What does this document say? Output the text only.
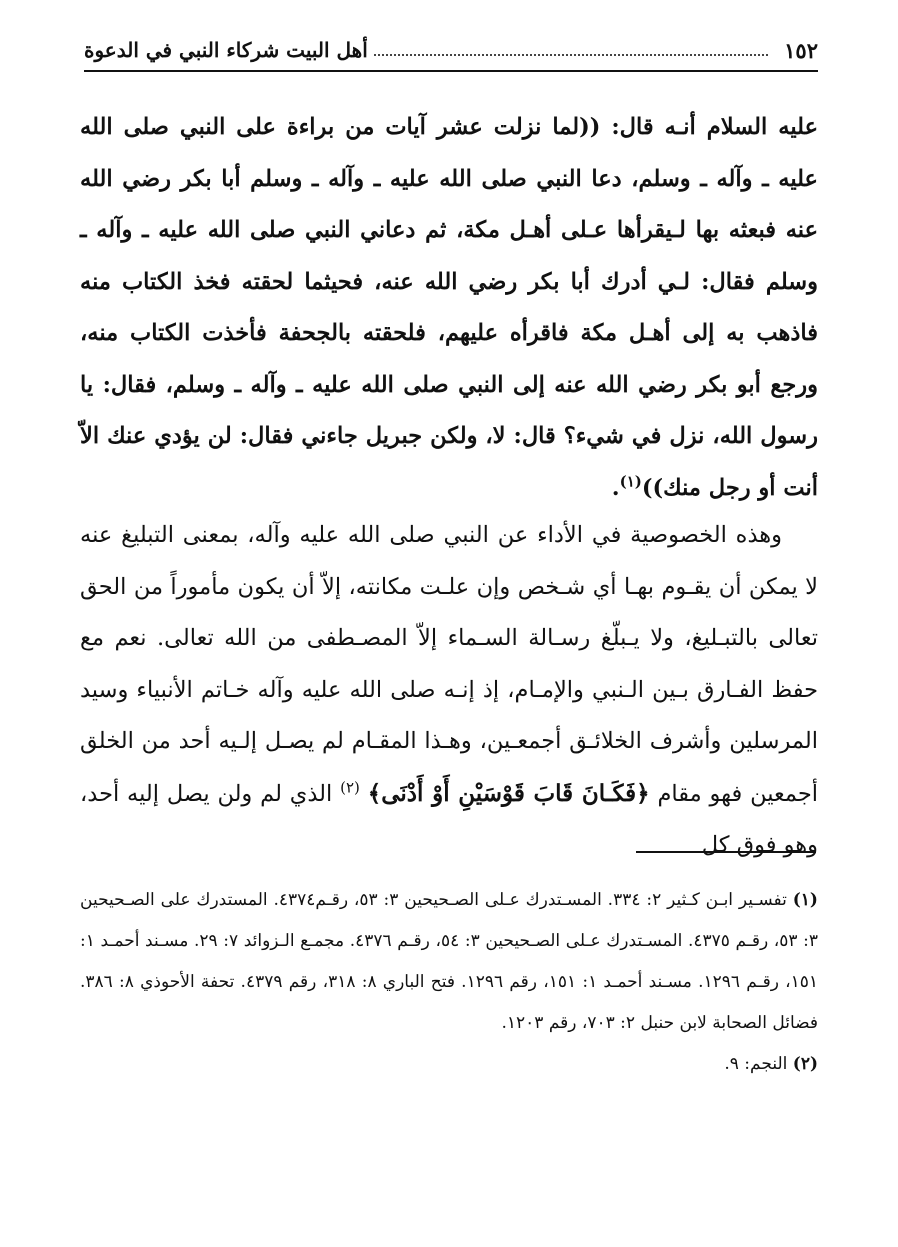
١٥٢
أهل البيت شركاء النبي في الدعوة

عليه السلام أنـه قال: ((لما نزلت عشر آيات من براءة على النبي صلى الله عليه ـ وآله ـ وسلم، دعا النبي صلى الله عليه ـ وآله ـ وسلم أبا بكر رضي الله عنه فبعثه بها لـيقرأها عـلى أهـل مكة، ثم دعاني النبي صلى الله عليه ـ وآله ـ وسلم فقال: لـي أدرك أبا بكر رضي الله عنه، فحيثما لحقته فخذ الكتاب منه فاذهب به إلى أهـل مكة فاقرأه عليهم، فلحقته بالجحفة فأخذت الكتاب منه، ورجع أبو بكر رضي الله عنه إلى النبي صلى الله عليه ـ وآله ـ وسلم، فقال: يا رسول الله، نزل في شيء؟ قال: لا، ولكن جبريل جاءني فقال: لن يؤدي عنك الاّ أنت أو رجل منك))$^{(١)}$.

وهذه الخصوصية في الأداء عن النبي صلى الله عليه وآله، بمعنى التبليغ عنه لا يمكن أن يقـوم بهـا أي شـخص وإن علـت مكانته، إلاّ أن يكون مأموراً من الحق تعالى بالتبـليغ، ولا يـبلّغ رسـالة السـماء إلاّ المصـطفى من الله تعالى. نعم مع حفظ الفـارق بـين الـنبي والإمـام، إذ إنـه صلى الله عليه وآله خـاتم الأنبياء وسيد المرسلين وأشرف الخلائـق أجمعـين، وهـذا المقـام لم يصـل إلـيه أحد من الخلق أجمعين فهو مقام ﴿فَكَـانَ قَابَ قَوْسَيْنِ أَوْ أَدْنَى﴾ $^{(٢)}$ الذي لم ولن يصل إليه أحد، وهو فوق كل

(١) تفسـير ابـن كـثير ٢: ٣٣٤. المسـتدرك عـلى الصـحيحين ٣: ٥٣، رقـم٤٣٧٤. المستدرك على الصـحيحين ٣: ٥٣، رقـم ٤٣٧٥. المسـتدرك عـلى الصـحيحين ٣: ٥٤، رقـم ٤٣٧٦. مجمـع الـزوائد ٧: ٢٩. مسـند أحمـد ١: ١٥١، رقـم ١٢٩٦. مسـند أحمـد ١: ١٥١، رقم ١٢٩٦. فتح الباري ٨: ٣١٨، رقم ٤٣٧٩. تحفة الأحوذي ٨: ٣٨٦. فضائل الصحابة لابن حنبل ٢: ٧٠٣، رقم ١٢٠٣.

(٢) النجم: ٩.
